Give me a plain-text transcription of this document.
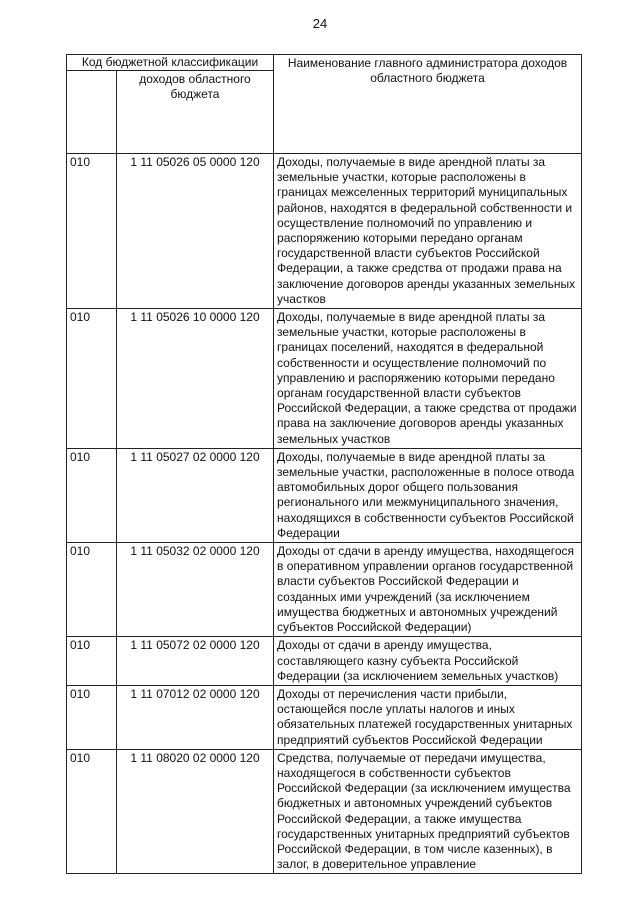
24
Код бюджетной классификации		Наименование главного администратора доходов областного бюджета
	доходов областного бюджета	
010	1 11 05026 05 0000 120	Доходы, получаемые в виде арендной платы за земельные участки, которые расположены в границах межселенных территорий муниципальных районов, находятся в федеральной собственности и осуществление полномочий по управлению и распоряжению которыми передано органам государственной власти субъектов Российской Федерации, а также средства от продажи права на заключение договоров аренды указанных земельных участков
010	1 11 05026 10 0000 120	Доходы, получаемые в виде арендной платы за земельные участки, которые расположены в границах поселений, находятся в федеральной собственности и осуществление полномочий по управлению и распоряжению которыми передано органам государственной власти субъектов Российской Федерации, а также средства от продажи права на заключение договоров аренды указанных земельных участков
010	1 11 05027 02 0000 120	Доходы, получаемые в виде арендной платы за земельные участки, расположенные в полосе отвода автомобильных дорог общего пользования регионального или межмуниципального значения, находящихся в собственности субъектов Российской Федерации
010	1 11 05032 02 0000 120	Доходы от сдачи в аренду имущества, находящегося в оперативном управлении органов государственной власти субъектов Российской Федерации и созданных ими учреждений (за исключением имущества бюджетных и автономных учреждений субъектов Российской Федерации)
010	1 11 05072 02 0000 120	Доходы от сдачи в аренду имущества, составляющего казну субъекта Российской Федерации (за исключением земельных участков)
010	1 11 07012 02 0000 120	Доходы от перечисления части прибыли, остающейся после уплаты налогов и иных обязательных платежей государственных унитарных предприятий субъектов Российской Федерации
010	1 11 08020 02 0000 120	Средства, получаемые от передачи имущества, находящегося в собственности субъектов Российской Федерации (за исключением имущества бюджетных и автономных учреждений субъектов Российской Федерации, а также имущества государственных унитарных предприятий субъектов Российской Федерации, в том числе казенных), в залог, в доверительное управление
